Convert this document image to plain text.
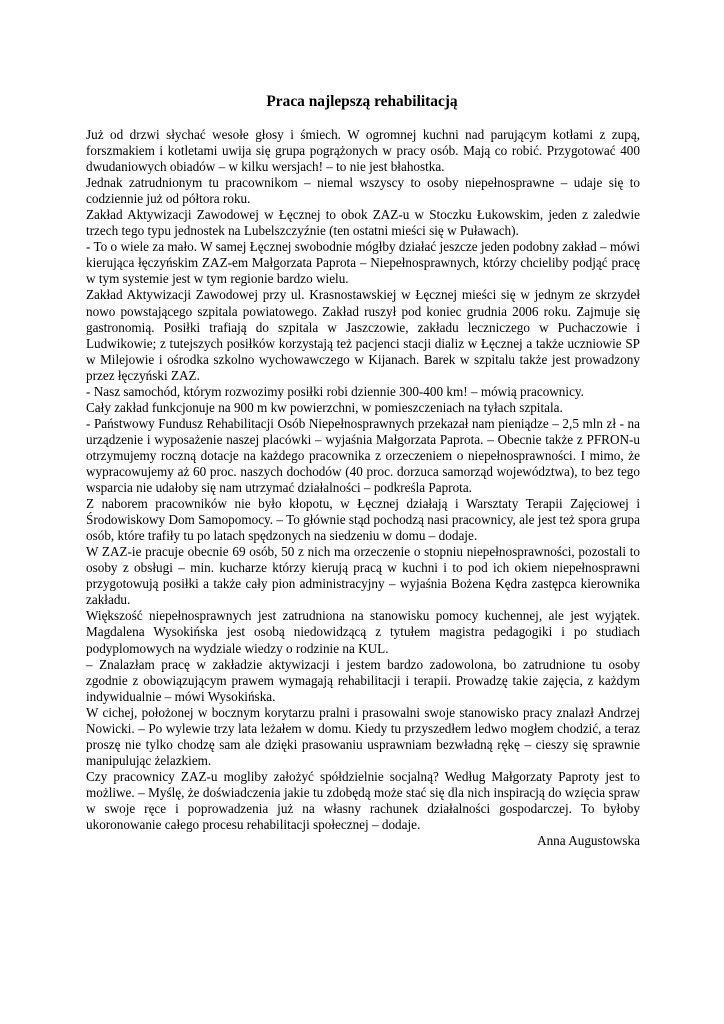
Praca najlepszą rehabilitacją

Już od drzwi słychać wesołe głosy i śmiech. W ogromnej kuchni nad parującym kotłami z zupą, forszmakiem i kotletami uwija się grupa pogrążonych w pracy osób. Mają co robić. Przygotować 400 dwudaniowych obiadów – w kilku wersjach! – to nie jest błahostka.

Jednak zatrudnionym tu pracownikom – niemal wszyscy to osoby niepełnosprawne – udaje się to codziennie już od półtora roku.

Zakład Aktywizacji Zawodowej w Łęcznej to obok ZAZ-u w Stoczku Łukowskim, jeden z zaledwie trzech tego typu jednostek na Lubelszczyźnie (ten ostatni mieści się w Puławach).

- To o wiele za mało. W samej Łęcznej swobodnie mógłby działać jeszcze jeden podobny zakład – mówi kierująca łęczyńskim ZAZ-em Małgorzata Paprota – Niepełnosprawnych, którzy chcieliby podjąć pracę w tym systemie jest w tym regionie bardzo wielu.

Zakład Aktywizacji Zawodowej przy ul. Krasnostawskiej w Łęcznej mieści się w jednym ze skrzydeł nowo powstającego szpitala powiatowego. Zakład ruszył pod koniec grudnia 2006 roku. Zajmuje się gastronomią. Posiłki trafiają do szpitala w Jaszczowie, zakładu leczniczego w Puchaczowie i Ludwikowie; z tutejszych posiłków korzystają też pacjenci stacji dializ w Łęcznej a także uczniowie SP w Milejowie i ośrodka szkolno wychowawczego w Kijanach. Barek w szpitalu także jest prowadzony przez łęczyński ZAZ.

- Nasz samochód, którym rozwozimy posiłki robi dziennie 300-400 km! – mówią pracownicy.

Cały zakład funkcjonuje na 900 m kw powierzchni, w pomieszczeniach na tyłach szpitala.

- Państwowy Fundusz Rehabilitacji Osób Niepełnosprawnych przekazał nam pieniądze – 2,5 mln zł - na urządzenie i wyposażenie naszej placówki – wyjaśnia Małgorzata Paprota. – Obecnie także z PFRON-u otrzymujemy roczną dotacje na każdego pracownika z orzeczeniem o niepełnosprawności. I mimo, że wypracowujemy aż 60 proc. naszych dochodów (40 proc. dorzuca samorząd województwa), to bez tego wsparcia nie udałoby się nam utrzymać działalności – podkreśla Paprota.

Z naborem pracowników nie było kłopotu, w Łęcznej działają i Warsztaty Terapii Zajęciowej i Środowiskowy Dom Samopomocy. – To głównie stąd pochodzą nasi pracownicy, ale jest też spora grupa osób, które trafiły tu po latach spędzonych na siedzeniu w domu – dodaje.

W ZAZ-ie pracuje obecnie 69 osób, 50 z nich ma orzeczenie o stopniu niepełnosprawności, pozostali to osoby z obsługi – min. kucharze którzy kierują pracą w kuchni i to pod ich okiem niepełnosprawni przygotowują posiłki a także cały pion administracyjny – wyjaśnia Bożena Kędra zastępca kierownika zakładu.

Większość niepełnosprawnych jest zatrudniona na stanowisku pomocy kuchennej, ale jest wyjątek. Magdalena Wysokińska jest osobą niedowidzącą z tytułem magistra pedagogiki i po studiach podyplomowych na wydziale wiedzy o rodzinie na KUL.

– Znalazłam pracę w zakładzie aktywizacji i jestem bardzo zadowolona, bo zatrudnione tu osoby zgodnie z obowiązującym prawem wymagają rehabilitacji i terapii. Prowadzę takie zajęcia, z każdym indywidualnie – mówi Wysokińska.

W cichej, położonej w bocznym korytarzu pralni i prasowalni swoje stanowisko pracy znalazł Andrzej Nowicki. – Po wylewie trzy lata leżałem w domu. Kiedy tu przyszedłem ledwo mogłem chodzić, a teraz proszę nie tylko chodzę sam ale dzięki prasowaniu usprawniam bezwładną rękę – cieszy się sprawnie manipulując żelazkiem.

Czy pracownicy ZAZ-u mogliby założyć spółdzielnie socjalną? Według Małgorzaty Paproty jest to możliwe. – Myślę, że doświadczenia jakie tu zdobędą może stać się dla nich inspiracją do wzięcia spraw w swoje ręce i poprowadzenia już na własny rachunek działalności gospodarczej. To byłoby ukoronowanie całego procesu rehabilitacji społecznej – dodaje.

Anna Augustowska
